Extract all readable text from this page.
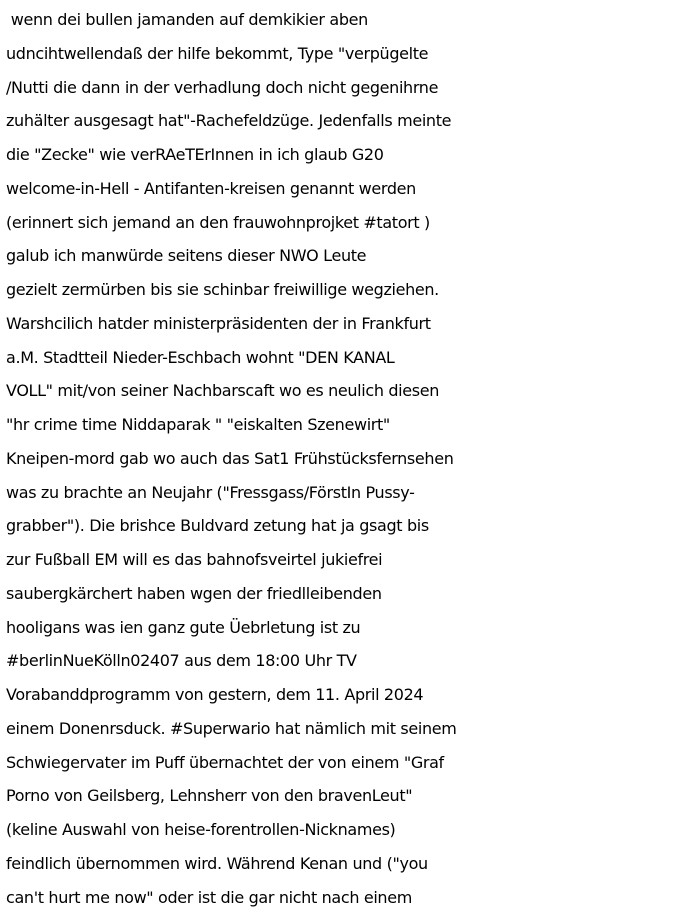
wenn dei bullen jamanden auf demkikier aben
udncihtwellendaß der hilfe bekommt, Type "verpügelte
/Nutti die dann in der verhadlung doch nicht gegenihrne
zuhälter ausgesagt hat"-Rachefeldzüge. Jedenfalls meinte
die "Zecke" wie verRAeTErInnen in ich glaub G20
welcome-in-Hell - Antifanten-kreisen genannt werden
(erinnert sich jemand an den frauwohnprojket #tatort )
galub ich manwürde seitens dieser NWO Leute
gezielt zermürben bis sie schinbar freiwillige wegziehen.
Warshcilich hatder ministerpräsidenten der in Frankfurt
a.M. Stadtteil Nieder-Eschbach wohnt "DEN KANAL
VOLL" mit/von seiner Nachbarscaft wo es neulich diesen
"hr crime time Niddaparak " "eiskalten Szenewirt"
Kneipen-mord gab wo auch das Sat1 Frühstücksfernsehen
was zu brachte an Neujahr ("Fressgass/FörstIn Pussy-
grabber"). Die brishce Buldvard zetung hat ja gsagt bis
zur Fußball EM will es das bahnofsveirtel jukiefrei
saubergkärchert haben wgen der friedlleibenden
hooligans was ien ganz gute Üebrletung ist zu
#berlinNueKölln02407 aus dem 18:00 Uhr TV
Vorabanddprogramm von gestern, dem 11. April 2024
einem Donenrsduck. #Superwario hat nämlich mit seinem
Schwiegervater im Puff übernachtet der von einem "Graf
Porno von Geilsberg, Lehnsherr von den bravenLeut"
(keline Auswahl von heise-forentrollen-Nicknames)
feindlich übernommen wird. Während Kenan und ("you
can't hurt me now" oder ist die gar nicht nach einem
